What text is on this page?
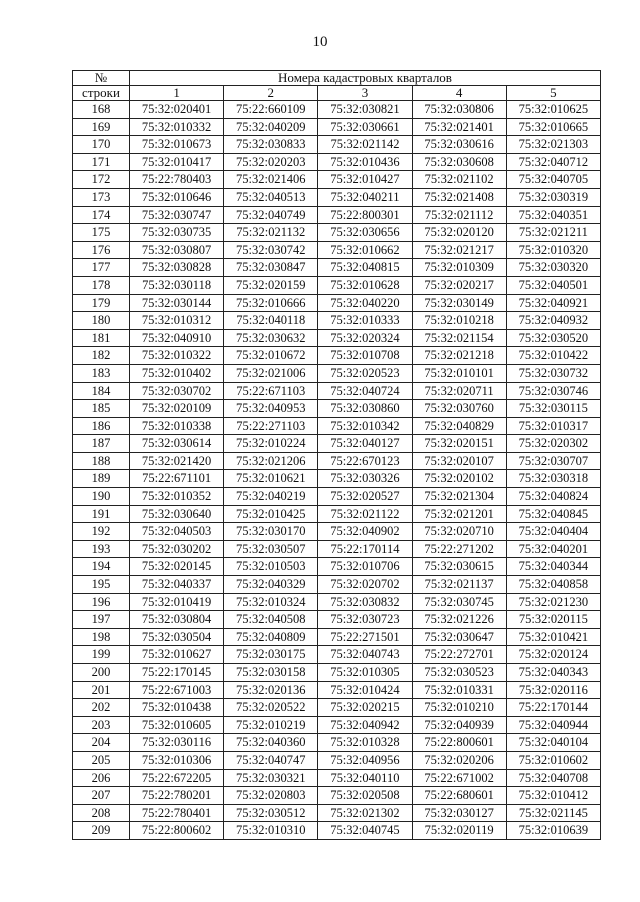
10
№	Номера кадастровых кварталов				
строки	1	2	3	4	5
168	75:32:020401	75:22:660109	75:32:030821	75:32:030806	75:32:010625
169	75:32:010332	75:32:040209	75:32:030661	75:32:021401	75:32:010665
170	75:32:010673	75:32:030833	75:32:021142	75:32:030616	75:32:021303
171	75:32:010417	75:32:020203	75:32:010436	75:32:030608	75:32:040712
172	75:22:780403	75:32:021406	75:32:010427	75:32:021102	75:32:040705
173	75:32:010646	75:32:040513	75:32:040211	75:32:021408	75:32:030319
174	75:32:030747	75:32:040749	75:22:800301	75:32:021112	75:32:040351
175	75:32:030735	75:32:021132	75:32:030656	75:32:020120	75:32:021211
176	75:32:030807	75:32:030742	75:32:010662	75:32:021217	75:32:010320
177	75:32:030828	75:32:030847	75:32:040815	75:32:010309	75:32:030320
178	75:32:030118	75:32:020159	75:32:010628	75:32:020217	75:32:040501
179	75:32:030144	75:32:010666	75:32:040220	75:32:030149	75:32:040921
180	75:32:010312	75:32:040118	75:32:010333	75:32:010218	75:32:040932
181	75:32:040910	75:32:030632	75:32:020324	75:32:021154	75:32:030520
182	75:32:010322	75:32:010672	75:32:010708	75:32:021218	75:32:010422
183	75:32:010402	75:32:021006	75:32:020523	75:32:010101	75:32:030732
184	75:32:030702	75:22:671103	75:32:040724	75:32:020711	75:32:030746
185	75:32:020109	75:32:040953	75:32:030860	75:32:030760	75:32:030115
186	75:32:010338	75:22:271103	75:32:010342	75:32:040829	75:32:010317
187	75:32:030614	75:32:010224	75:32:040127	75:32:020151	75:32:020302
188	75:32:021420	75:32:021206	75:22:670123	75:32:020107	75:32:030707
189	75:22:671101	75:32:010621	75:32:030326	75:32:020102	75:32:030318
190	75:32:010352	75:32:040219	75:32:020527	75:32:021304	75:32:040824
191	75:32:030640	75:32:010425	75:32:021122	75:32:021201	75:32:040845
192	75:32:040503	75:32:030170	75:32:040902	75:32:020710	75:32:040404
193	75:32:030202	75:32:030507	75:22:170114	75:22:271202	75:32:040201
194	75:32:020145	75:32:010503	75:32:010706	75:32:030615	75:32:040344
195	75:32:040337	75:32:040329	75:32:020702	75:32:021137	75:32:040858
196	75:32:010419	75:32:010324	75:32:030832	75:32:030745	75:32:021230
197	75:32:030804	75:32:040508	75:32:030723	75:32:021226	75:32:020115
198	75:32:030504	75:32:040809	75:22:271501	75:32:030647	75:32:010421
199	75:32:010627	75:32:030175	75:32:040743	75:22:272701	75:32:020124
200	75:22:170145	75:32:030158	75:32:010305	75:32:030523	75:32:040343
201	75:22:671003	75:32:020136	75:32:010424	75:32:010331	75:32:020116
202	75:32:010438	75:32:020522	75:32:020215	75:32:010210	75:22:170144
203	75:32:010605	75:32:010219	75:32:040942	75:32:040939	75:32:040944
204	75:32:030116	75:32:040360	75:32:010328	75:22:800601	75:32:040104
205	75:32:010306	75:32:040747	75:32:040956	75:32:020206	75:32:010602
206	75:22:672205	75:32:030321	75:32:040110	75:22:671002	75:32:040708
207	75:22:780201	75:32:020803	75:32:020508	75:22:680601	75:32:010412
208	75:22:780401	75:32:030512	75:32:021302	75:32:030127	75:32:021145
209	75:22:800602	75:32:010310	75:32:040745	75:32:020119	75:32:010639
